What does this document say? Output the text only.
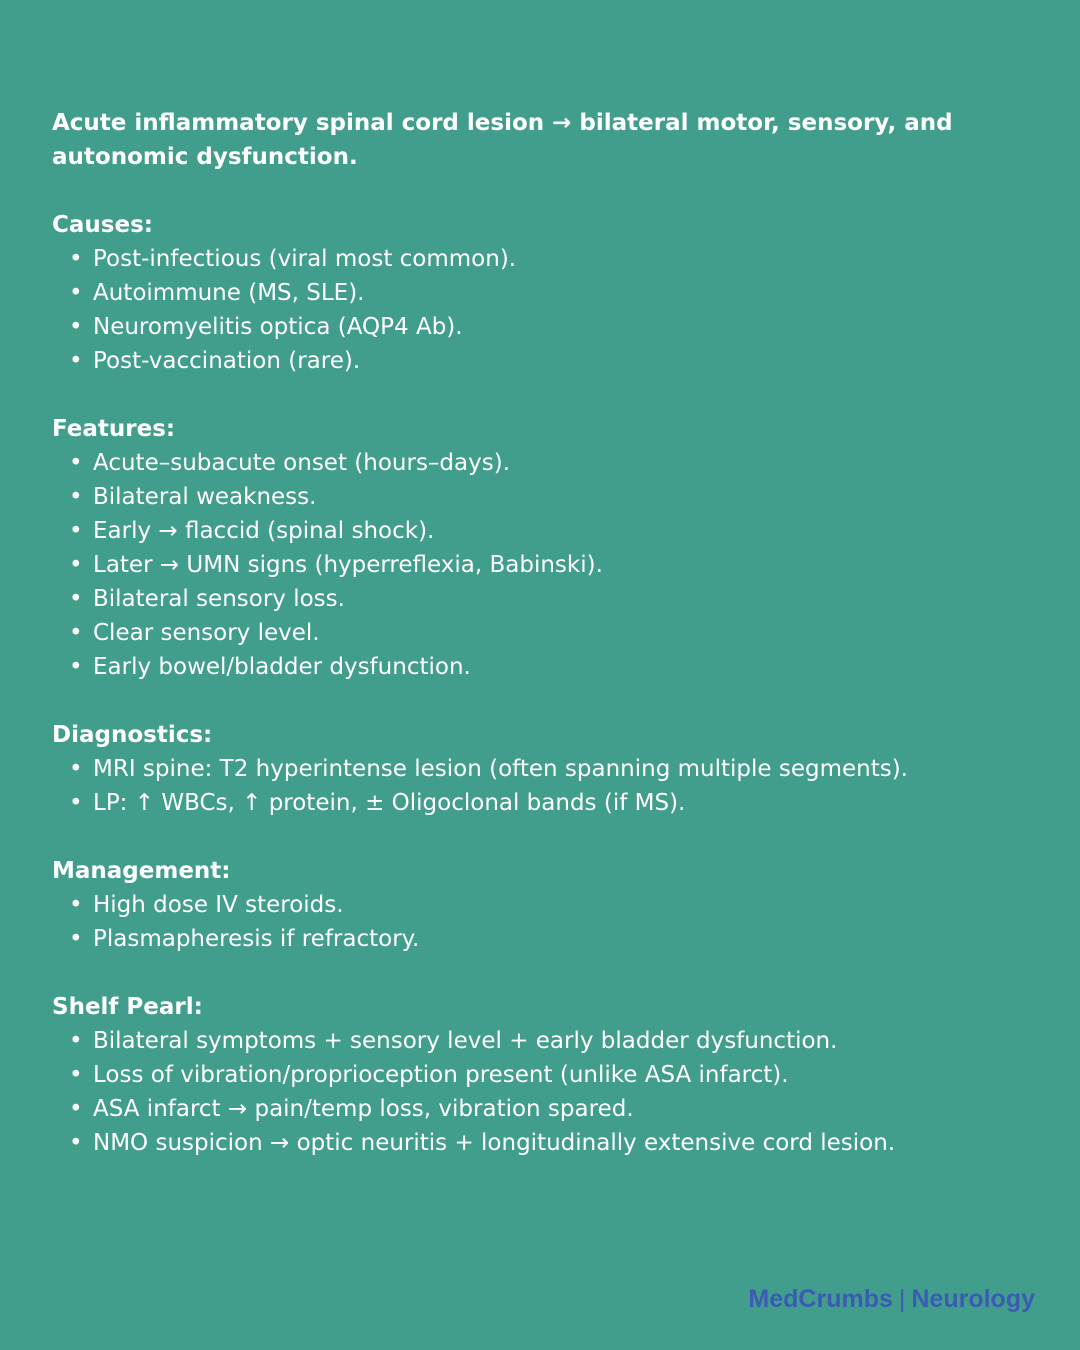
Acute inflammatory spinal cord lesion → bilateral motor, sensory, and autonomic dysfunction.

Causes:

• Post-infectious (viral most common).
• Autoimmune (MS, SLE).
• Neuromyelitis optica (AQP4 Ab).
• Post-vaccination (rare).

Features:

• Acute–subacute onset (hours–days).
• Bilateral weakness.
• Early → flaccid (spinal shock).
• Later → UMN signs (hyperreflexia, Babinski).
• Bilateral sensory loss.
• Clear sensory level.
• Early bowel/bladder dysfunction.

Diagnostics:

• MRI spine: T2 hyperintense lesion (often spanning multiple segments).
• LP: ↑ WBCs, ↑ protein, ± Oligoclonal bands (if MS).

Management:

• High dose IV steroids.
• Plasmapheresis if refractory.

Shelf Pearl:

• Bilateral symptoms + sensory level + early bladder dysfunction.
• Loss of vibration/proprioception present (unlike ASA infarct).
• ASA infarct → pain/temp loss, vibration spared.
• NMO suspicion → optic neuritis + longitudinally extensive cord lesion.
MedCrumbs | Neurology
